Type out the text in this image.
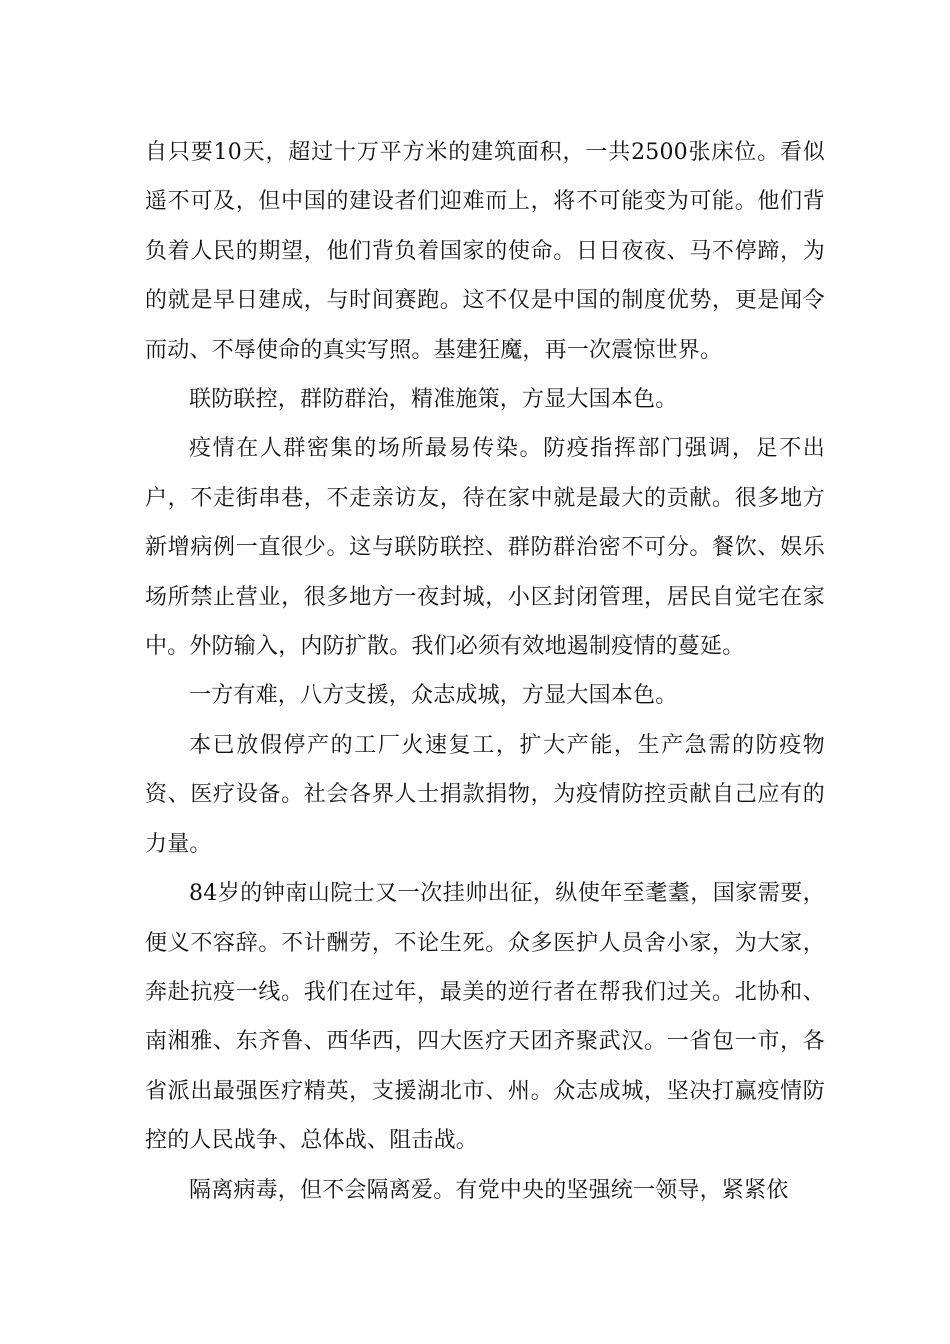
自只要10天，超过十万平方米的建筑面积，一共2500张床位。看似遥不可及，但中国的建设者们迎难而上，将不可能变为可能。他们背负着人民的期望，他们背负着国家的使命。日日夜夜、马不停蹄，为的就是早日建成，与时间赛跑。这不仅是中国的制度优势，更是闻令而动、不辱使命的真实写照。基建狂魔，再一次震惊世界。

联防联控，群防群治，精准施策，方显大国本色。

疫情在人群密集的场所最易传染。防疫指挥部门强调，足不出户，不走街串巷，不走亲访友，待在家中就是最大的贡献。很多地方新增病例一直很少。这与联防联控、群防群治密不可分。餐饮、娱乐场所禁止营业，很多地方一夜封城，小区封闭管理，居民自觉宅在家中。外防输入，内防扩散。我们必须有效地遏制疫情的蔓延。

一方有难，八方支援，众志成城，方显大国本色。

本已放假停产的工厂火速复工，扩大产能，生产急需的防疫物资、医疗设备。社会各界人士捐款捐物，为疫情防控贡献自己应有的力量。

84岁的钟南山院士又一次挂帅出征，纵使年至耄耋，国家需要，便义不容辞。不计酬劳，不论生死。众多医护人员舍小家，为大家，奔赴抗疫一线。我们在过年，最美的逆行者在帮我们过关。北协和、南湘雅、东齐鲁、西华西，四大医疗天团齐聚武汉。一省包一市，各省派出最强医疗精英，支援湖北市、州。众志成城，坚决打赢疫情防控的人民战争、总体战、阻击战。

隔离病毒，但不会隔离爱。有党中央的坚强统一领导，紧紧依
